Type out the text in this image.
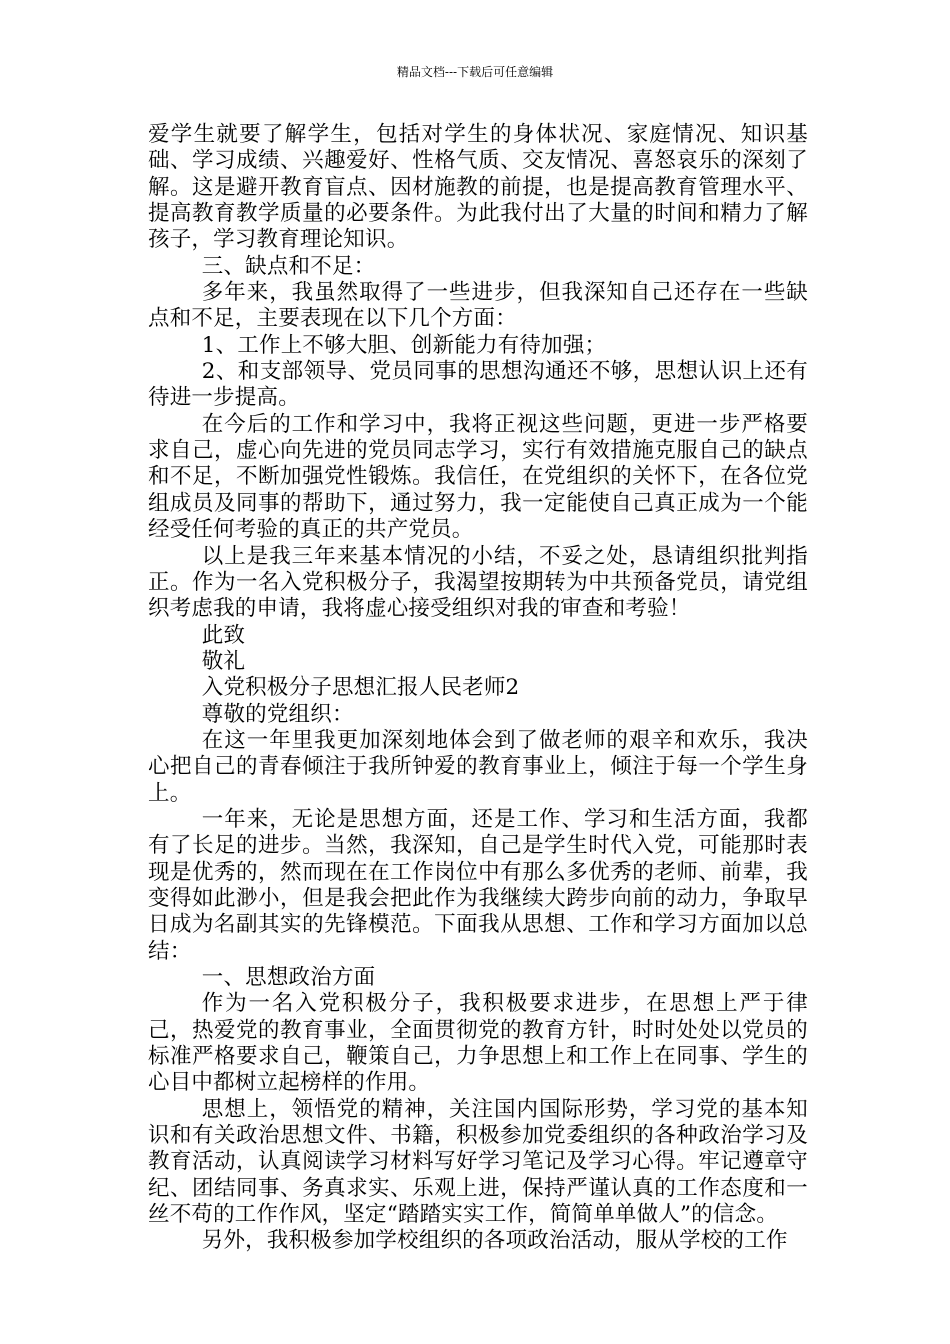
精品文档---下载后可任意编辑

爱学生就要了解学生，包括对学生的身体状况、家庭情况、知识基础、学习成绩、兴趣爱好、性格气质、交友情况、喜怒哀乐的深刻了解。这是避开教育盲点、因材施教的前提，也是提高教育管理水平、提高教育教学质量的必要条件。为此我付出了大量的时间和精力了解孩子，学习教育理论知识。

三、缺点和不足：

多年来，我虽然取得了一些进步，但我深知自己还存在一些缺点和不足，主要表现在以下几个方面：

1、工作上不够大胆、创新能力有待加强；

2、和支部领导、党员同事的思想沟通还不够，思想认识上还有待进一步提高。

在今后的工作和学习中，我将正视这些问题，更进一步严格要求自己，虚心向先进的党员同志学习，实行有效措施克服自己的缺点和不足，不断加强党性锻炼。我信任，在党组织的关怀下，在各位党组成员及同事的帮助下，通过努力，我一定能使自己真正成为一个能经受任何考验的真正的共产党员。

以上是我三年来基本情况的小结，不妥之处，恳请组织批判指正。作为一名入党积极分子，我渴望按期转为中共预备党员，请党组织考虑我的申请，我将虚心接受组织对我的审查和考验！

此致

敬礼

入党积极分子思想汇报人民老师2

尊敬的党组织：

在这一年里我更加深刻地体会到了做老师的艰辛和欢乐，我决心把自己的青春倾注于我所钟爱的教育事业上，倾注于每一个学生身上。

一年来，无论是思想方面，还是工作、学习和生活方面，我都有了长足的进步。当然，我深知，自己是学生时代入党，可能那时表现是优秀的，然而现在在工作岗位中有那么多优秀的老师、前辈，我变得如此渺小，但是我会把此作为我继续大跨步向前的动力，争取早日成为名副其实的先锋模范。下面我从思想、工作和学习方面加以总结：

一、思想政治方面

作为一名入党积极分子，我积极要求进步，在思想上严于律己，热爱党的教育事业，全面贯彻党的教育方针，时时处处以党员的标准严格要求自己，鞭策自己，力争思想上和工作上在同事、学生的心目中都树立起榜样的作用。

思想上，领悟党的精神，关注国内国际形势，学习党的基本知识和有关政治思想文件、书籍，积极参加党委组织的各种政治学习及教育活动，认真阅读学习材料写好学习笔记及学习心得。牢记遵章守纪、团结同事、务真求实、乐观上进，保持严谨认真的工作态度和一丝不苟的工作作风，坚定“踏踏实实工作，简简单单做人”的信念。

另外，我积极参加学校组织的各项政治活动，服从学校的工作
